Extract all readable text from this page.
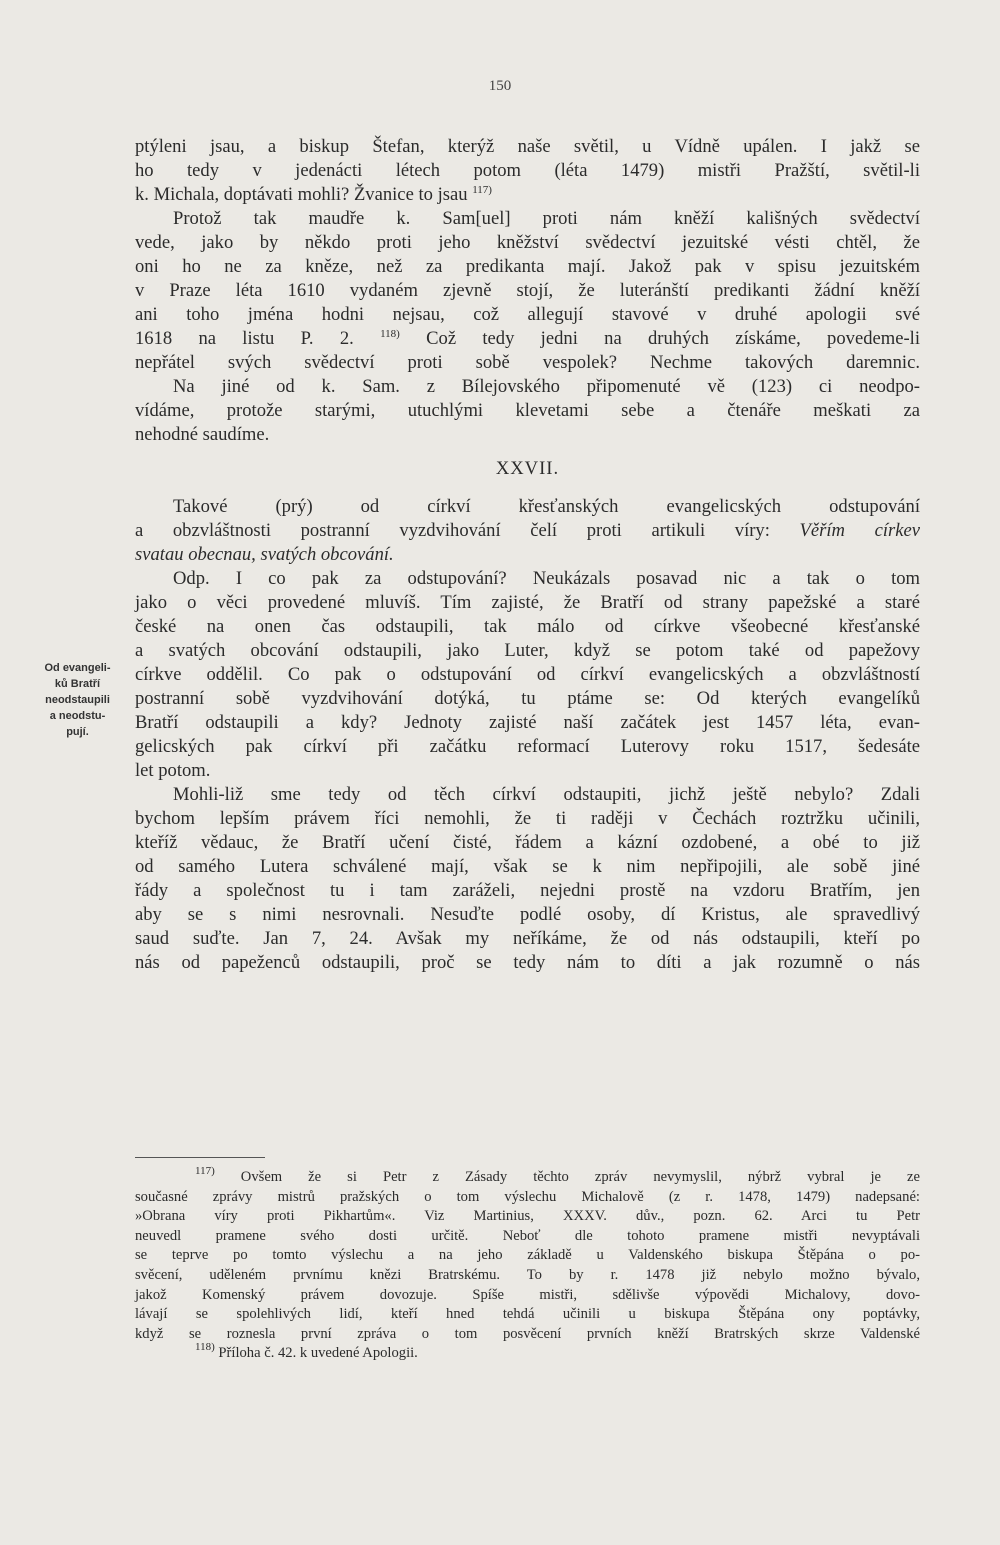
150
Od evangeli-
ků Bratří
neodstaupili
a neodstu-
pují.
ptýleni jsau, a biskup Štefan, kterýž naše světil, u Vídně upálen. I jakž se
ho tedy v jedenácti létech potom (léta 1479) mistři Pražští, světil-li
k. Michala, doptávati mohli? Žvanice to jsau $^{117)}$
Protož tak maudře k. Sam[uel] proti nám kněží kališných svědectví
vede, jako by někdo proti jeho kněžství svědectví jezuitské vésti chtěl, že
oni ho ne za kněze, než za predikanta mají. Jakož pak v spisu jezuitském
v Praze léta 1610 vydaném zjevně stojí, že luteránští predikanti žádní kněží
ani toho jména hodni nejsau, což allegují stavové v druhé apologii své
1618 na listu P. 2. $^{118)}$ Což tedy jedni na druhých získáme, povedeme-li
nepřátel svých svědectví proti sobě vespolek? Nechme takových daremnic.
Na jiné od k. Sam. z Bílejovského připomenuté vě (123) ci neodpo-
vídáme, protože starými, utuchlými klevetami sebe a čtenáře meškati za
nehodné saudíme.
XXVII.
Takové (prý) od církví křesťanských evangelicských odstupování
a obzvláštnosti postranní vyzdvihování čelí proti artikuli víry: Věřím církev
svatau obecnau, svatých obcování.
Odp. I co pak za odstupování? Neukázals posavad nic a tak o tom
jako o věci provedené mluvíš. Tím zajisté, že Bratří od strany papežské a staré
české na onen čas odstaupili, tak málo od církve všeobecné křesťanské
a svatých obcování odstaupili, jako Luter, když se potom také od papežovy
církve oddělil. Co pak o odstupování od církví evangelicských a obzvláštností
postranní sobě vyzdvihování dotýká, tu ptáme se: Od kterých evangelíků
Bratří odstaupili a kdy? Jednoty zajisté naší začátek jest 1457 léta, evan-
gelicských pak církví při začátku reformací Luterovy roku 1517, šedesáte
let potom.
Mohli-liž sme tedy od těch církví odstaupiti, jichž ještě nebylo? Zdali
bychom lepším právem říci nemohli, že ti raději v Čechách roztržku učinili,
kteříž vědauc, že Bratří učení čisté, řádem a kázní ozdobené, a obé to již
od samého Lutera schválené mají, však se k nim nepřipojili, ale sobě jiné
řády a společnost tu i tam zaráželi, nejedni prostě na vzdoru Bratřím, jen
aby se s nimi nesrovnali. Nesuďte podlé osoby, dí Kristus, ale spravedlivý
saud suďte. Jan 7, 24. Avšak my neříkáme, že od nás odstaupili, kteří po
nás od papeženců odstaupili, proč se tedy nám to díti a jak rozumně o nás
$^{117)}$ Ovšem že si Petr z Zásady těchto zpráv nevymyslil, nýbrž vybral je ze
současné zprávy mistrů pražských o tom výslechu Michalově (z r. 1478, 1479) nadepsané:
»Obrana víry proti Pikhartům«. Viz Martinius, XXXV. dův., pozn. 62. Arci tu Petr
neuvedl pramene svého dosti určitě. Neboť dle tohoto pramene mistři nevyptávali
se teprve po tomto výslechu a na jeho základě u Valdenského biskupa Štěpána o po-
svěcení, uděleném prvnímu knězi Bratrskému. To by r. 1478 již nebylo možno bývalo,
jakož Komenský právem dovozuje. Spíše mistři, sdělivše výpovědi Michalovy, dovo-
lávají se spolehlivých lidí, kteří hned tehdá učinili u biskupa Štěpána ony poptávky,
když se roznesla první zpráva o tom posvěcení prvních kněží Bratrských skrze Valdenské
$^{118)}$ Příloha č. 42. k uvedené Apologii.
